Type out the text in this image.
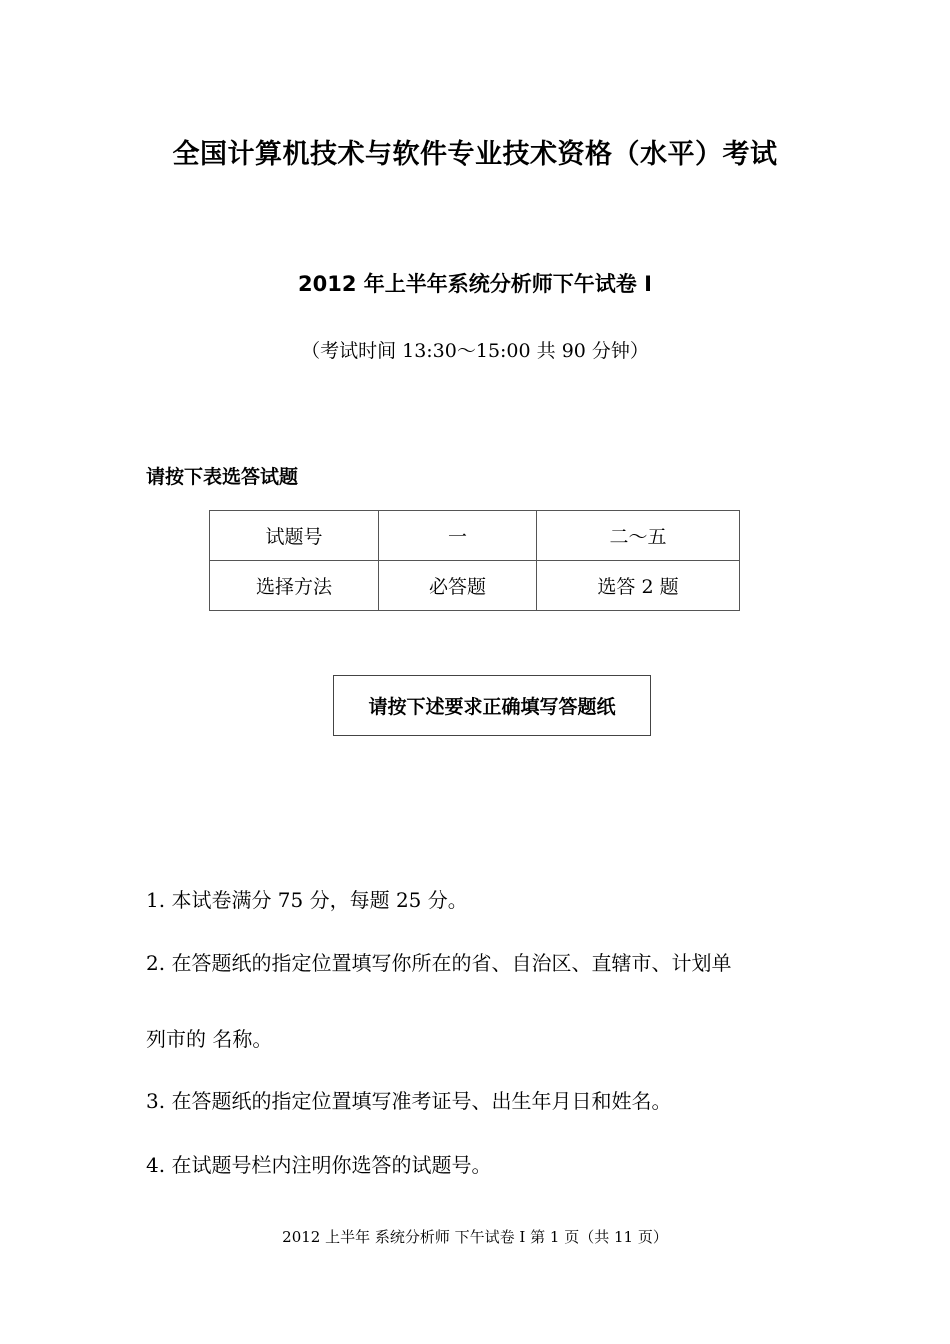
全国计算机技术与软件专业技术资格（水平）考试
2012 年上半年系统分析师下午试卷 I
（考试时间 13:30～15:00 共 90 分钟）
请按下表选答试题
试题号	一	二～五
选择方法	必答题	选答 2 题
请按下述要求正确填写答题纸
1. 本试卷满分 75 分，每题 25 分。
2. 在答题纸的指定位置填写你所在的省、自治区、直辖市、计划单
列市的 名称。
3. 在答题纸的指定位置填写准考证号、出生年月日和姓名。
4. 在试题号栏内注明你选答的试题号。
2012 上半年 系统分析师 下午试卷 I 第 1 页（共 11 页）
